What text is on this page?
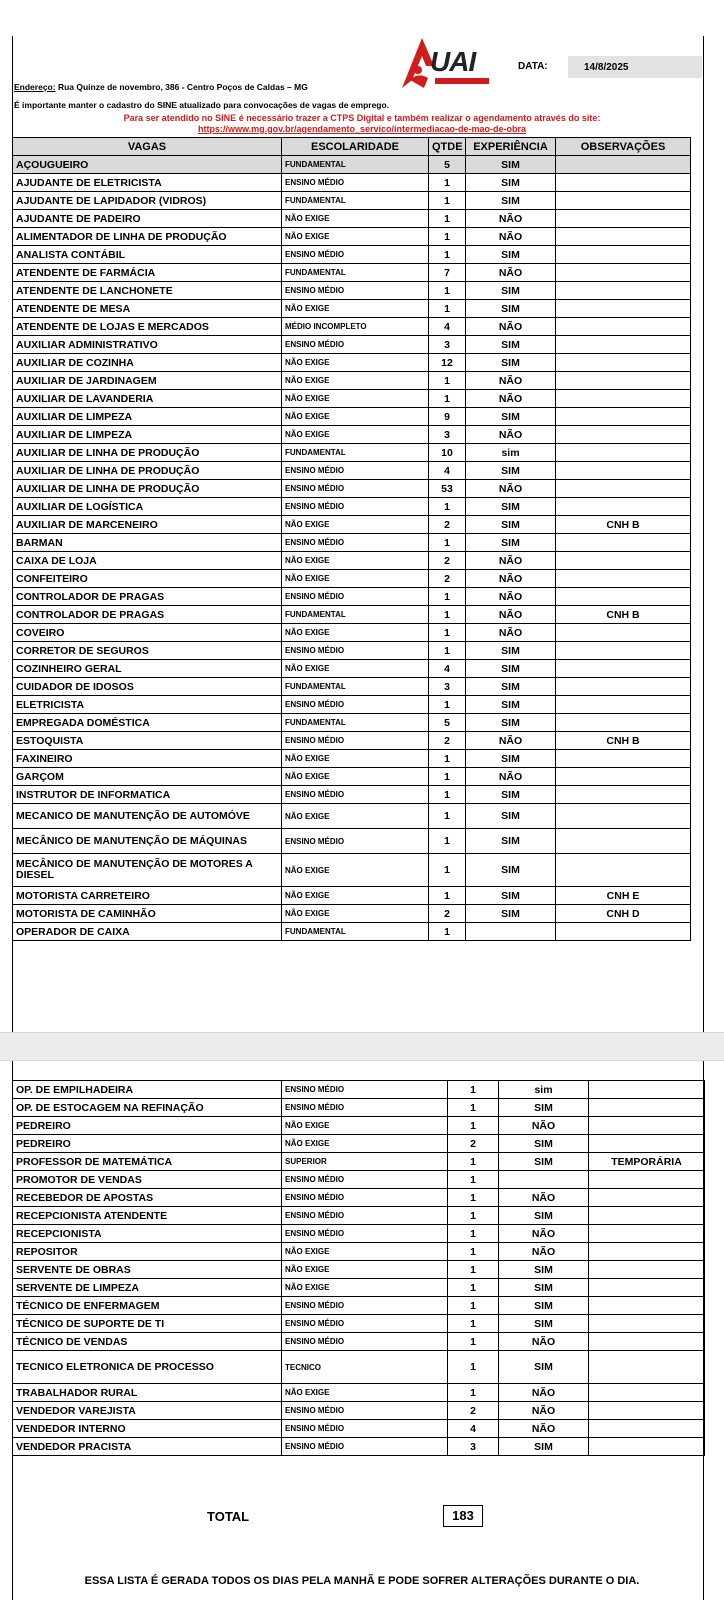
UAI	DATA:	14/8/2025
Endereço: Rua Quinze de novembro, 386 - Centro Poços de Caldas – MG
É importante manter o cadastro do SINE atualizado para convocações de vagas de emprego.
Para ser atendido no SINE é necessário trazer a CTPS Digital e também realizar o agendamento através do site:
https://www.mg.gov.br/agendamento_servico/intermediacao-de-mao-de-obra
VAGAS	ESCOLARIDADE	QTDE	EXPERIÊNCIA	OBSERVAÇÕES
AÇOUGUEIRO	FUNDAMENTAL	5	SIM	
AJUDANTE DE ELETRICISTA	ENSINO MÉDIO	1	SIM	
AJUDANTE DE LAPIDADOR (VIDROS)	FUNDAMENTAL	1	SIM	
AJUDANTE DE PADEIRO	NÃO EXIGE	1	NÃO	
ALIMENTADOR DE LINHA DE PRODUÇÃO	NÃO EXIGE	1	NÃO	
ANALISTA CONTÁBIL	ENSINO MÉDIO	1	SIM	
ATENDENTE DE FARMÁCIA	FUNDAMENTAL	7	NÃO	
ATENDENTE DE LANCHONETE	ENSINO MÉDIO	1	SIM	
ATENDENTE DE MESA	NÃO EXIGE	1	SIM	
ATENDENTE DE LOJAS E MERCADOS	MÉDIO INCOMPLETO	4	NÃO	
AUXILIAR ADMINISTRATIVO	ENSINO MÉDIO	3	SIM	
AUXILIAR DE COZINHA	NÃO EXIGE	12	SIM	
AUXILIAR DE JARDINAGEM	NÃO EXIGE	1	NÃO	
AUXILIAR DE LAVANDERIA	NÃO EXIGE	1	NÃO	
AUXILIAR DE LIMPEZA	NÃO EXIGE	9	SIM	
AUXILIAR DE LIMPEZA	NÃO EXIGE	3	NÃO	
AUXILIAR DE LINHA DE PRODUÇÃO	FUNDAMENTAL	10	sim	
AUXILIAR DE LINHA DE PRODUÇÃO	ENSINO MÉDIO	4	SIM	
AUXILIAR DE LINHA DE PRODUÇÃO	ENSINO MÉDIO	53	NÃO	
AUXILIAR DE LOGÍSTICA	ENSINO MÉDIO	1	SIM	
AUXILIAR DE MARCENEIRO	NÃO EXIGE	2	SIM	CNH B
BARMAN	ENSINO MÉDIO	1	SIM	
CAIXA DE LOJA	NÃO EXIGE	2	NÃO	
CONFEITEIRO	NÃO EXIGE	2	NÃO	
CONTROLADOR DE PRAGAS	ENSINO MÉDIO	1	NÃO	
CONTROLADOR DE PRAGAS	FUNDAMENTAL	1	NÃO	CNH B
COVEIRO	NÃO EXIGE	1	NÃO	
CORRETOR DE SEGUROS	ENSINO MÉDIO	1	SIM	
COZINHEIRO GERAL	NÃO EXIGE	4	SIM	
CUIDADOR DE IDOSOS	FUNDAMENTAL	3	SIM	
ELETRICISTA	ENSINO MÉDIO	1	SIM	
EMPREGADA DOMÉSTICA	FUNDAMENTAL	5	SIM	
ESTOQUISTA	ENSINO MÉDIO	2	NÃO	CNH B
FAXINEIRO	NÃO EXIGE	1	SIM	
GARÇOM	NÃO EXIGE	1	NÃO	
INSTRUTOR DE INFORMATICA	ENSINO MÉDIO	1	SIM	
MECANICO DE MANUTENÇÃO DE AUTOMÓVE	NÃO EXIGE	1	SIM	
MECÂNICO DE MANUTENÇÃO DE MÁQUINAS	ENSINO MÉDIO	1	SIM	
MECÂNICO DE MANUTENÇÃO DE MOTORES A DIESEL	NÃO EXIGE	1	SIM	
MOTORISTA CARRETEIRO	NÃO EXIGE	1	SIM	CNH E
MOTORISTA DE CAMINHÃO	NÃO EXIGE	2	SIM	CNH D
OPERADOR DE CAIXA	FUNDAMENTAL	1		
OP. DE EMPILHADEIRA	ENSINO MÉDIO	1	sim	
OP. DE ESTOCAGEM NA REFINAÇÃO	ENSINO MÉDIO	1	SIM	
PEDREIRO	NÃO EXIGE	1	NÃO	
PEDREIRO	NÃO EXIGE	2	SIM	
PROFESSOR DE MATEMÁTICA	SUPERIOR	1	SIM	TEMPORÁRIA
PROMOTOR DE VENDAS	ENSINO MÉDIO	1		
RECEBEDOR DE APOSTAS	ENSINO MÉDIO	1	NÃO	
RECEPCIONISTA ATENDENTE	ENSINO MÉDIO	1	SIM	
RECEPCIONISTA	ENSINO MÉDIO	1	NÃO	
REPOSITOR	NÃO EXIGE	1	NÃO	
SERVENTE DE OBRAS	NÃO EXIGE	1	SIM	
SERVENTE DE LIMPEZA	NÃO EXIGE	1	SIM	
TÉCNICO DE ENFERMAGEM	ENSINO MÉDIO	1	SIM	
TÉCNICO DE SUPORTE DE TI	ENSINO MÉDIO	1	SIM	
TÉCNICO DE VENDAS	ENSINO MÉDIO	1	NÃO	
TECNICO ELETRONICA DE PROCESSO	TECNICO	1	SIM	
TRABALHADOR RURAL	NÃO EXIGE	1	NÃO	
VENDEDOR VAREJISTA	ENSINO MÉDIO	2	NÃO	
VENDEDOR INTERNO	ENSINO MÉDIO	4	NÃO	
VENDEDOR PRACISTA	ENSINO MÉDIO	3	SIM	
TOTAL	183
ESSA LISTA É GERADA TODOS OS DIAS PELA MANHÃ E PODE SOFRER ALTERAÇÕES DURANTE O DIA.
